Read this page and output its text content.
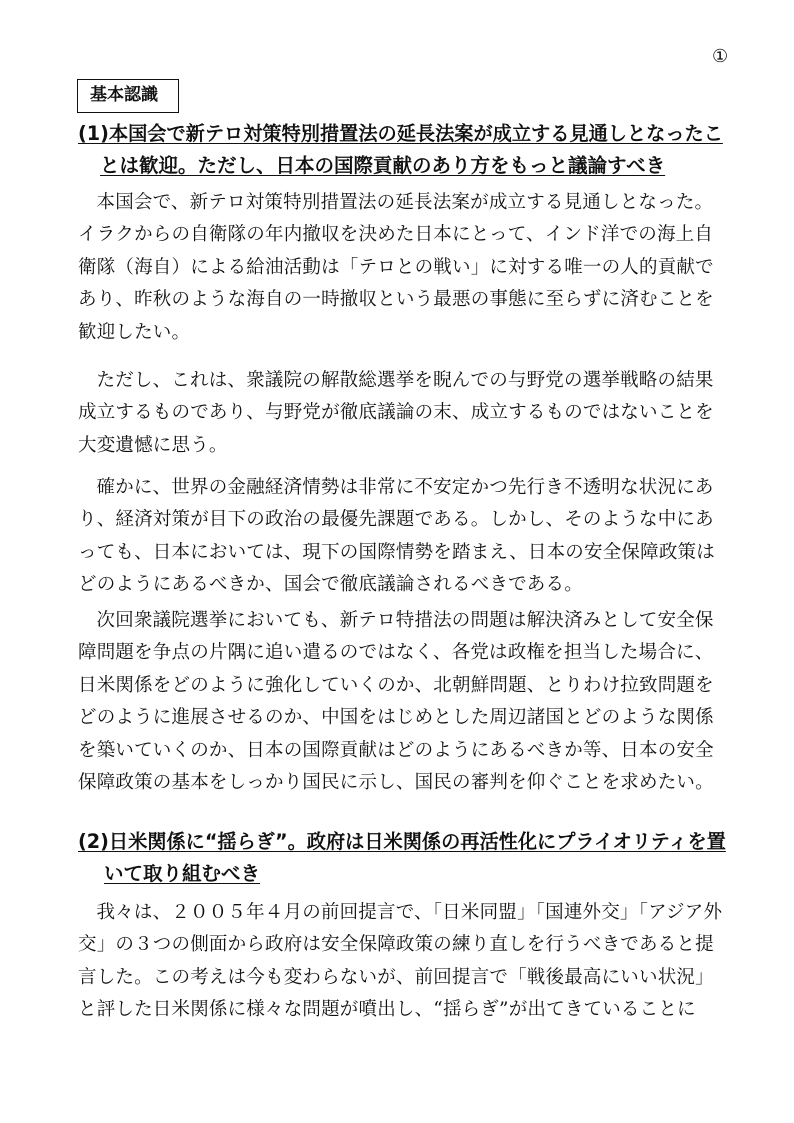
①
基本認識
(1)本国会で新テロ対策特別措置法の延長法案が成立する見通しとなったこ
とは歓迎。ただし、日本の国際貢献のあり方をもっと議論すべき
本国会で、新テロ対策特別措置法の延長法案が成立する見通しとなった。
イラクからの自衛隊の年内撤収を決めた日本にとって、インド洋での海上自
衛隊（海自）による給油活動は「テロとの戦い」に対する唯一の人的貢献で
あり、昨秋のような海自の一時撤収という最悪の事態に至らずに済むことを
歓迎したい。
ただし、これは、衆議院の解散総選挙を睨んでの与野党の選挙戦略の結果
成立するものであり、与野党が徹底議論の末、成立するものではないことを
大変遺憾に思う。
確かに、世界の金融経済情勢は非常に不安定かつ先行き不透明な状況にあ
り、経済対策が目下の政治の最優先課題である。しかし、そのような中にあ
っても、日本においては、現下の国際情勢を踏まえ、日本の安全保障政策は
どのようにあるべきか、国会で徹底議論されるべきである。
次回衆議院選挙においても、新テロ特措法の問題は解決済みとして安全保
障問題を争点の片隅に追い遣るのではなく、各党は政権を担当した場合に、
日米関係をどのように強化していくのか、北朝鮮問題、とりわけ拉致問題を
どのように進展させるのか、中国をはじめとした周辺諸国とどのような関係
を築いていくのか、日本の国際貢献はどのようにあるべきか等、日本の安全
保障政策の基本をしっかり国民に示し、国民の審判を仰ぐことを求めたい。
(2)日米関係に“揺らぎ”。政府は日米関係の再活性化にプライオリティを置
いて取り組むべき
我々は、２００５年４月の前回提言で、「日米同盟」「国連外交」「アジア外
交」の３つの側面から政府は安全保障政策の練り直しを行うべきであると提
言した。この考えは今も変わらないが、前回提言で「戦後最高にいい状況」
と評した日米関係に様々な問題が噴出し、“揺らぎ”が出てきていることに
